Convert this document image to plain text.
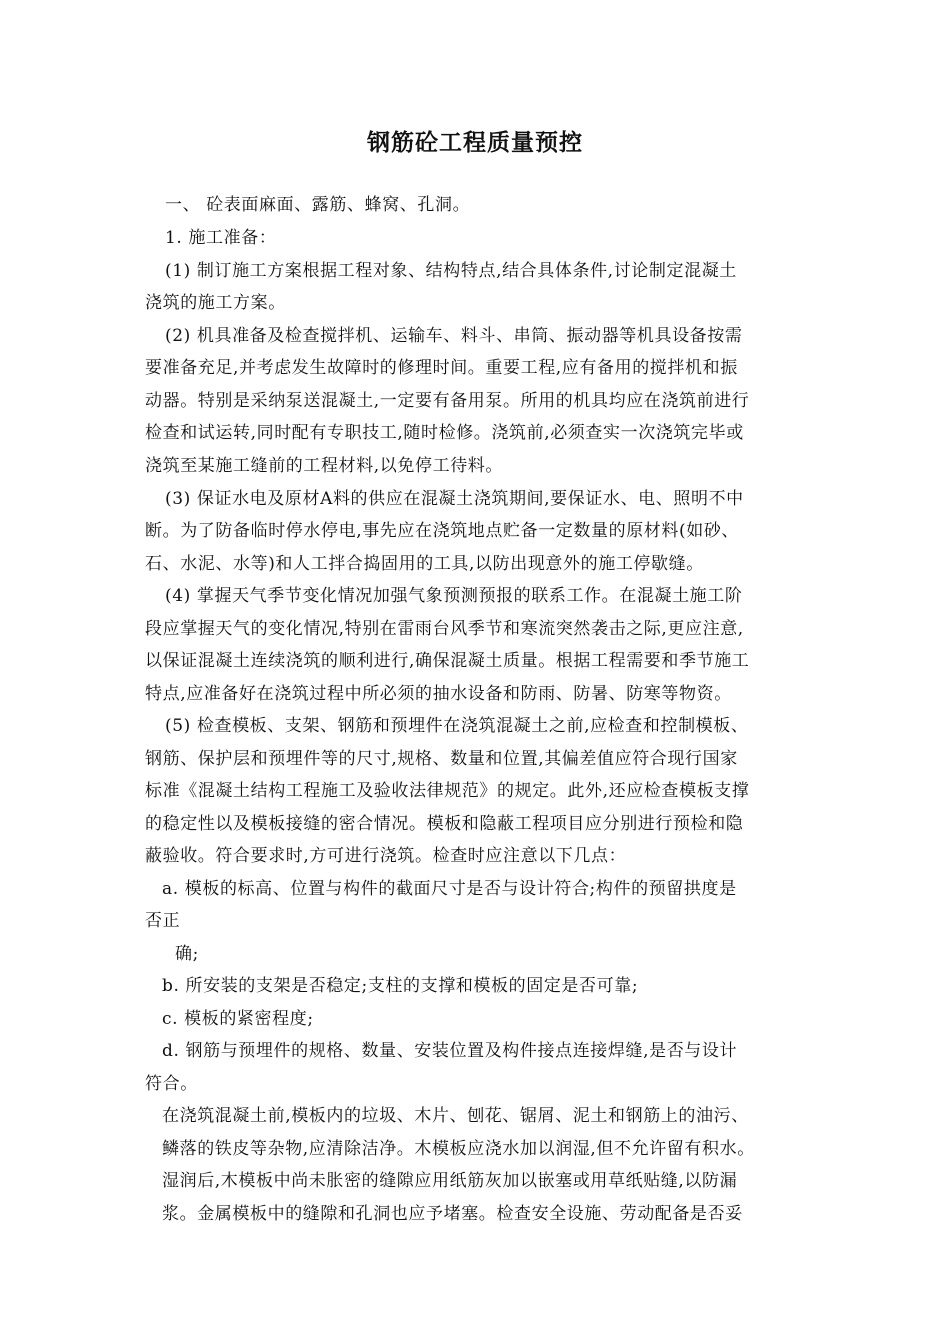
钢筋砼工程质量预控
一、 砼表面麻面、露筋、蜂窝、孔洞。
1. 施工准备：
(1) 制订施工方案根据工程对象、结构特点,结合具体条件,讨论制定混凝土
浇筑的施工方案。
(2) 机具准备及检查搅拌机、运输车、料斗、串筒、振动器等机具设备按需
要准备充足,并考虑发生故障时的修理时间。重要工程,应有备用的搅拌机和振
动器。特别是采纳泵送混凝土,一定要有备用泵。所用的机具均应在浇筑前进行
检查和试运转,同时配有专职技工,随时检修。浇筑前,必须查实一次浇筑完毕或
浇筑至某施工缝前的工程材料,以免停工待料。
(3) 保证水电及原材A料的供应在混凝土浇筑期间,要保证水、电、照明不中
断。为了防备临时停水停电,事先应在浇筑地点贮备一定数量的原材料(如砂、
石、水泥、水等)和人工拌合捣固用的工具,以防出现意外的施工停歇缝。
(4) 掌握天气季节变化情况加强气象预测预报的联系工作。在混凝土施工阶
段应掌握天气的变化情况,特别在雷雨台风季节和寒流突然袭击之际,更应注意,
以保证混凝土连续浇筑的顺利进行,确保混凝土质量。根据工程需要和季节施工
特点,应准备好在浇筑过程中所必须的抽水设备和防雨、防暑、防寒等物资。
(5) 检查模板、支架、钢筋和预埋件在浇筑混凝土之前,应检查和控制模板、
钢筋、保护层和预埋件等的尺寸,规格、数量和位置,其偏差值应符合现行国家
标准《混凝土结构工程施工及验收法律规范》的规定。此外,还应检查模板支撑
的稳定性以及模板接缝的密合情况。模板和隐蔽工程项目应分别进行预检和隐
蔽验收。符合要求时,方可进行浇筑。检查时应注意以下几点：
a. 模板的标高、位置与构件的截面尺寸是否与设计符合;构件的预留拱度是
否正
确;
b. 所安装的支架是否稳定;支柱的支撑和模板的固定是否可靠;
c. 模板的紧密程度;
d. 钢筋与预埋件的规格、数量、安装位置及构件接点连接焊缝,是否与设计
符合。
在浇筑混凝土前,模板内的垃圾、木片、刨花、锯屑、泥土和钢筋上的油污、
鳞落的铁皮等杂物,应清除洁净。木模板应浇水加以润湿,但不允许留有积水。
湿润后,木模板中尚未胀密的缝隙应用纸筋灰加以嵌塞或用草纸贴缝,以防漏
浆。金属模板中的缝隙和孔洞也应予堵塞。检查安全设施、劳动配备是否妥
